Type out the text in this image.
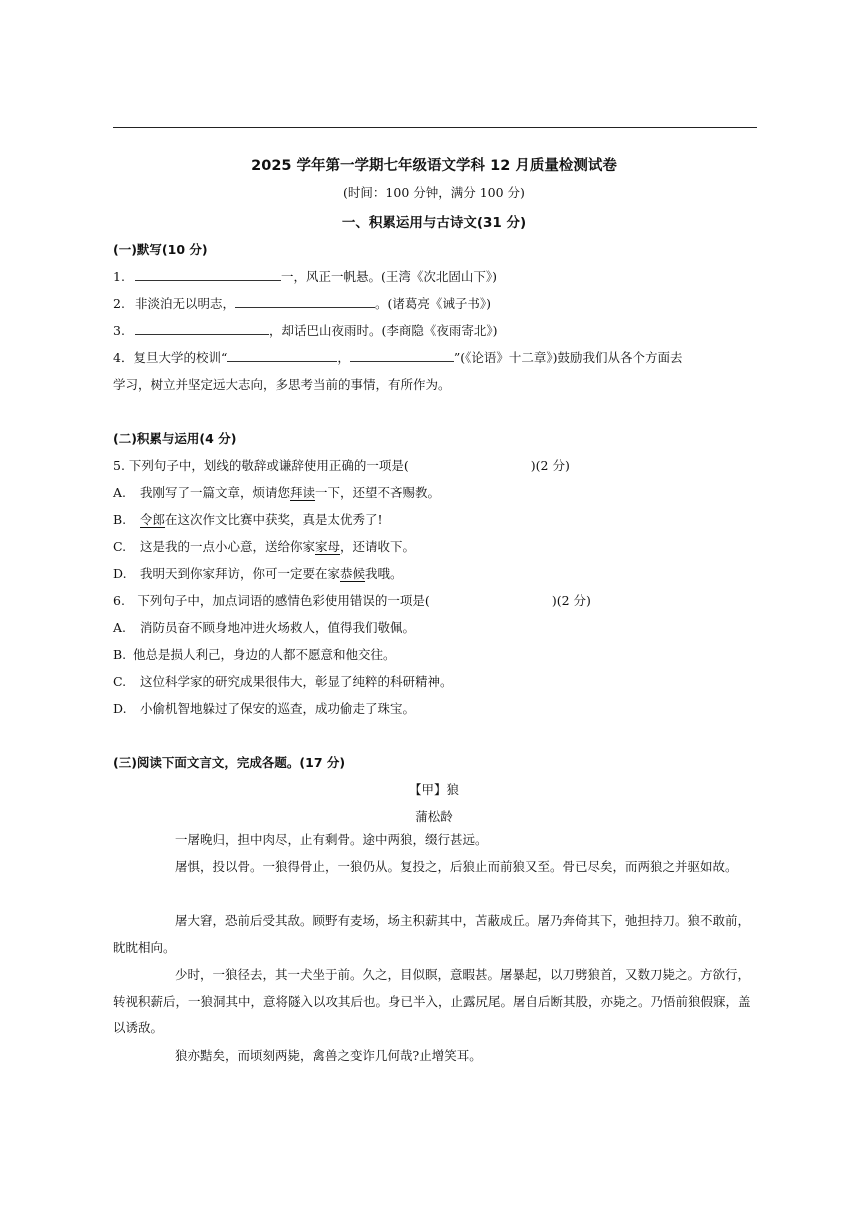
2025 学年第一学期七年级语文学科 12 月质量检测试卷
(时间：100 分钟，满分 100 分)
一、积累运用与古诗文(31 分)
(一)默写(10 分)
1.	一，风正一帆悬。(王湾《次北固山下》)
2. 非淡泊无以明志，	。(诸葛亮《诫子书》)
3.	，却话巴山夜雨时。(李商隐《夜雨寄北》)
4．复旦大学的校训“	，	”(《论语》十二章》)鼓励我们从各个方面去
学习，树立并坚定远大志向，多思考当前的事情，有所作为。
(二)积累与运用(4 分)
5. 下列句子中，划线的敬辞或谦辞使用正确的一项是(	)(2 分)
A. 我刚写了一篇文章，烦请您拜读一下，还望不吝赐教。
B. 令郎在这次作文比赛中获奖，真是太优秀了!
C. 这是我的一点小心意，送给你家家母，还请收下。
D. 我明天到你家拜访，你可一定要在家恭候我哦。
6.　下列句子中，加点词语的感情色彩使用错误的一项是(	)(2 分)
A. 消防员奋不顾身地冲进火场救人，值得我们敬佩。
B. 他总是损人利己，身边的人都不愿意和他交往。
C. 这位科学家的研究成果很伟大，彰显了纯粹的科研精神。
D. 小偷机智地躲过了保安的巡查，成功偷走了珠宝。
(三)阅读下面文言文，完成各题。(17 分)
【甲】狼
蒲松龄
一屠晚归，担中肉尽，止有剩骨。途中两狼，缀行甚远。
屠惧，投以骨。一狼得骨止，一狼仍从。复投之，后狼止而前狼又至。骨已尽矣，而两狼之并驱如故。
屠大窘，恐前后受其敌。顾野有麦场，场主积薪其中，苫蔽成丘。屠乃奔倚其下，弛担持刀。狼不敢前，眈眈相向。
少时，一狼径去，其一犬坐于前。久之，目似瞑，意暇甚。屠暴起，以刀劈狼首，又数刀毙之。方欲行，转视积薪后，一狼洞其中，意将隧入以攻其后也。身已半入，止露尻尾。屠自后断其股，亦毙之。乃悟前狼假寐，盖以诱敌。
狼亦黠矣，而顷刻两毙，禽兽之变诈几何哉?止增笑耳。
